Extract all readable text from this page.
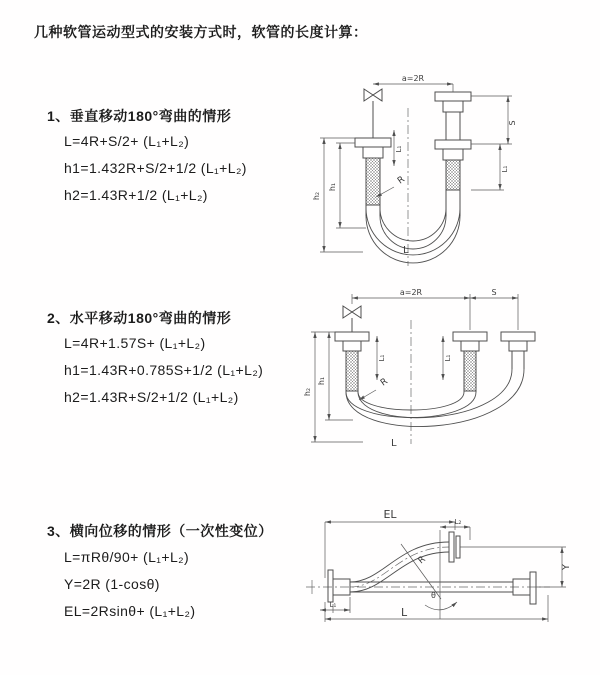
几种软管运动型式的安装方式时，软管的长度计算：
1、垂直移动180°弯曲的情形
L=4R+S/2+ (L₁+L₂)
h1=1.432R+S/2+1/2 (L₁+L₂)
h2=1.43R+1/2 (L₁+L₂)
2、水平移动180°弯曲的情形
L=4R+1.57S+ (L₁+L₂)
h1=1.43R+0.785S+1/2 (L₁+L₂)
h2=1.43R+S/2+1/2 (L₁+L₂)
3、横向位移的情形（一次性变位）
L=πRθ/90+ (L₁+L₂)
Y=2R (1-cosθ)
EL=2Rsinθ+ (L₁+L₂)
a=2R
S
L₁
L₁
h₁
h₂
R
L
a=2R	S
h₂
h₁
L₁	L₁
R
L
EL
L₂
Y
R
θ
L
L₁
